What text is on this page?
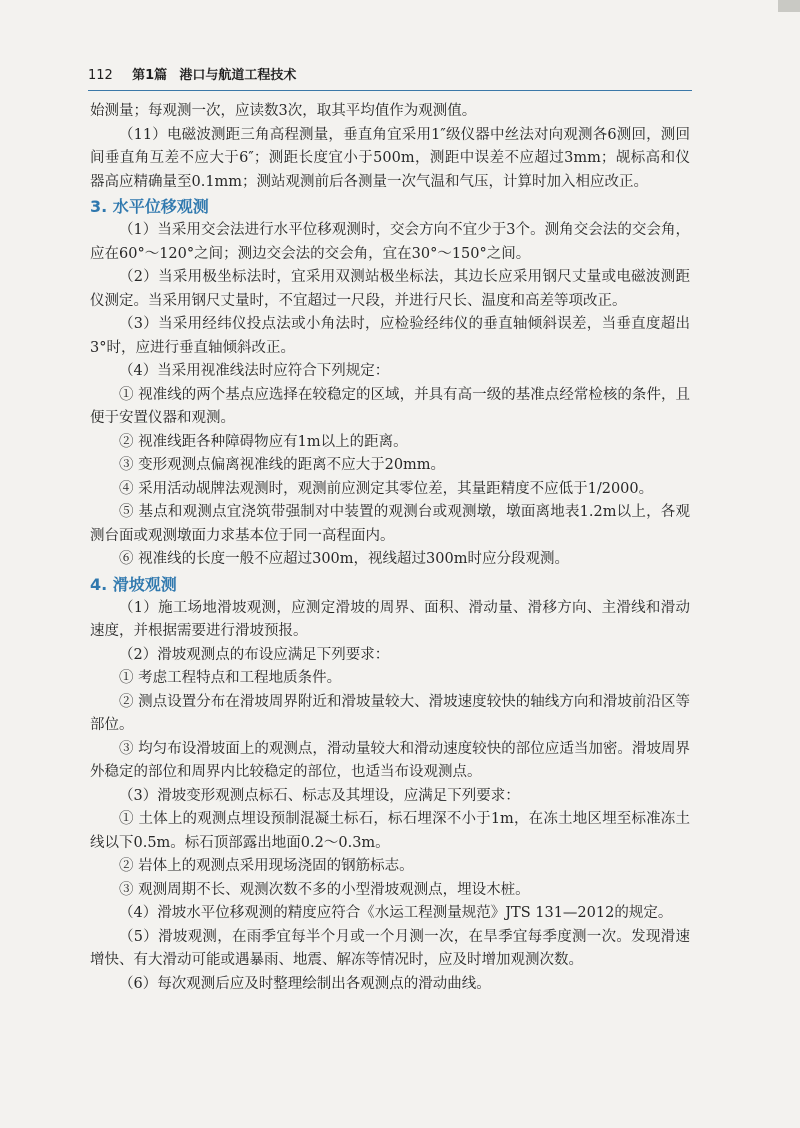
112 第1篇 港口与航道工程技术

始测量；每观测一次，应读数3次，取其平均值作为观测值。

（11）电磁波测距三角高程测量，垂直角宜采用1″级仪器中丝法对向观测各6测回，测回间垂直角互差不应大于6″；测距长度宜小于500m，测距中误差不应超过3mm；觇标高和仪器高应精确量至0.1mm；测站观测前后各测量一次气温和气压，计算时加入相应改正。

3. 水平位移观测

（1）当采用交会法进行水平位移观测时，交会方向不宜少于3个。测角交会法的交会角，应在60°～120°之间；测边交会法的交会角，宜在30°～150°之间。

（2）当采用极坐标法时，宜采用双测站极坐标法，其边长应采用钢尺丈量或电磁波测距仪测定。当采用钢尺丈量时，不宜超过一尺段，并进行尺长、温度和高差等项改正。

（3）当采用经纬仪投点法或小角法时，应检验经纬仪的垂直轴倾斜误差，当垂直度超出3°时，应进行垂直轴倾斜改正。

（4）当采用视准线法时应符合下列规定：

① 视准线的两个基点应选择在较稳定的区域，并具有高一级的基准点经常检核的条件，且便于安置仪器和观测。

② 视准线距各种障碍物应有1m以上的距离。

③ 变形观测点偏离视准线的距离不应大于20mm。

④ 采用活动觇牌法观测时，观测前应测定其零位差，其量距精度不应低于1/2000。

⑤ 基点和观测点宜浇筑带强制对中装置的观测台或观测墩，墩面离地表1.2m以上，各观测台面或观测墩面力求基本位于同一高程面内。

⑥ 视准线的长度一般不应超过300m，视线超过300m时应分段观测。

4. 滑坡观测

（1）施工场地滑坡观测，应测定滑坡的周界、面积、滑动量、滑移方向、主滑线和滑动速度，并根据需要进行滑坡预报。

（2）滑坡观测点的布设应满足下列要求：

① 考虑工程特点和工程地质条件。

② 测点设置分布在滑坡周界附近和滑坡量较大、滑坡速度较快的轴线方向和滑坡前沿区等部位。

③ 均匀布设滑坡面上的观测点，滑动量较大和滑动速度较快的部位应适当加密。滑坡周界外稳定的部位和周界内比较稳定的部位，也适当布设观测点。

（3）滑坡变形观测点标石、标志及其埋设，应满足下列要求：

① 土体上的观测点埋设预制混凝土标石，标石埋深不小于1m，在冻土地区埋至标准冻土线以下0.5m。标石顶部露出地面0.2～0.3m。

② 岩体上的观测点采用现场浇固的钢筋标志。

③ 观测周期不长、观测次数不多的小型滑坡观测点，埋设木桩。

（4）滑坡水平位移观测的精度应符合《水运工程测量规范》JTS 131—2012的规定。

（5）滑坡观测，在雨季宜每半个月或一个月测一次，在旱季宜每季度测一次。发现滑速增快、有大滑动可能或遇暴雨、地震、解冻等情况时，应及时增加观测次数。

（6）每次观测后应及时整理绘制出各观测点的滑动曲线。
